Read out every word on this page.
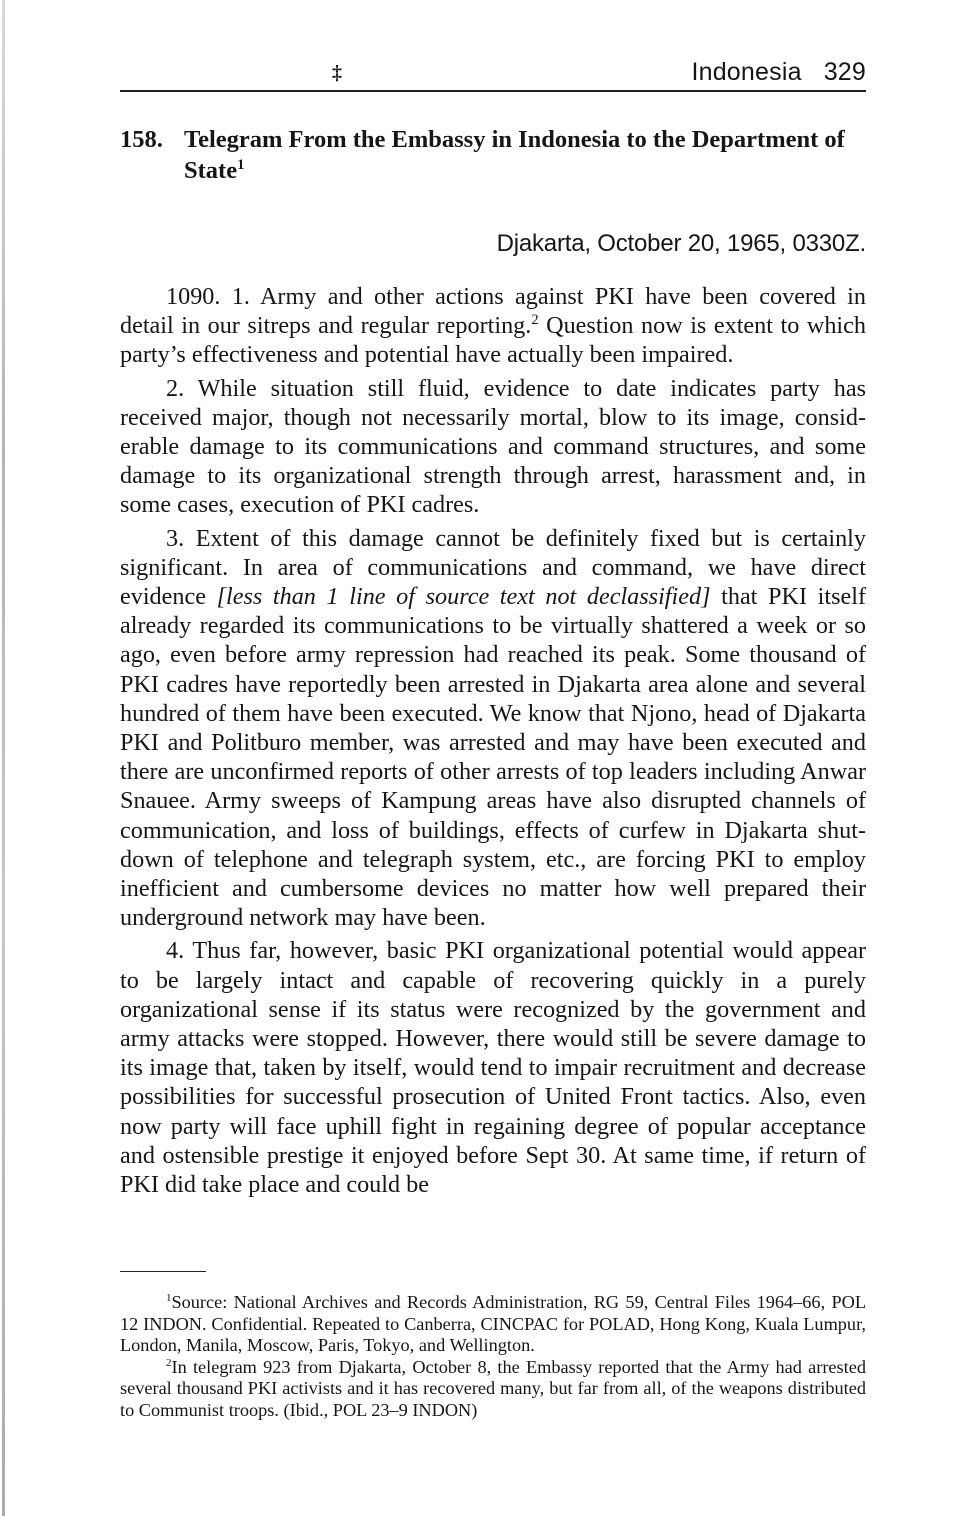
‡	Indonesia 329
158. Telegram From the Embassy in Indonesia to the Department of State$^1$
Djakarta, October 20, 1965, 0330Z.

1090. 1. Army and other actions against PKI have been covered in detail in our sitreps and regular reporting.$^2$ Question now is extent to which party’s effectiveness and potential have actually been impaired.

2. While situation still fluid, evidence to date indicates party has received major, though not necessarily mortal, blow to its image, considerable damage to its communications and command structures, and some damage to its organizational strength through arrest, harassment and, in some cases, execution of PKI cadres.

3. Extent of this damage cannot be definitely fixed but is certainly significant. In area of communications and command, we have direct evidence [less than 1 line of source text not declassified] that PKI itself already regarded its communications to be virtually shattered a week or so ago, even before army repression had reached its peak. Some thousand of PKI cadres have reportedly been arrested in Djakarta area alone and several hundred of them have been executed. We know that Njono, head of Djakarta PKI and Politburo member, was arrested and may have been executed and there are unconfirmed reports of other arrests of top leaders including Anwar Snauee. Army sweeps of Kampung areas have also disrupted channels of communication, and loss of buildings, effects of curfew in Djakarta shut-down of telephone and telegraph system, etc., are forcing PKI to employ inefficient and cumbersome devices no matter how well prepared their underground network may have been.

4. Thus far, however, basic PKI organizational potential would appear to be largely intact and capable of recovering quickly in a purely organizational sense if its status were recognized by the government and army attacks were stopped. However, there would still be severe damage to its image that, taken by itself, would tend to impair recruitment and decrease possibilities for successful prosecution of United Front tactics. Also, even now party will face uphill fight in regaining degree of popular acceptance and ostensible prestige it enjoyed before Sept 30. At same time, if return of PKI did take place and could be

$^1$Source: National Archives and Records Administration, RG 59, Central Files 1964–66, POL 12 INDON. Confidential. Repeated to Canberra, CINCPAC for POLAD, Hong Kong, Kuala Lumpur, London, Manila, Moscow, Paris, Tokyo, and Wellington.

$^2$In telegram 923 from Djakarta, October 8, the Embassy reported that the Army had arrested several thousand PKI activists and it has recovered many, but far from all, of the weapons distributed to Communist troops. (Ibid., POL 23–9 INDON)
